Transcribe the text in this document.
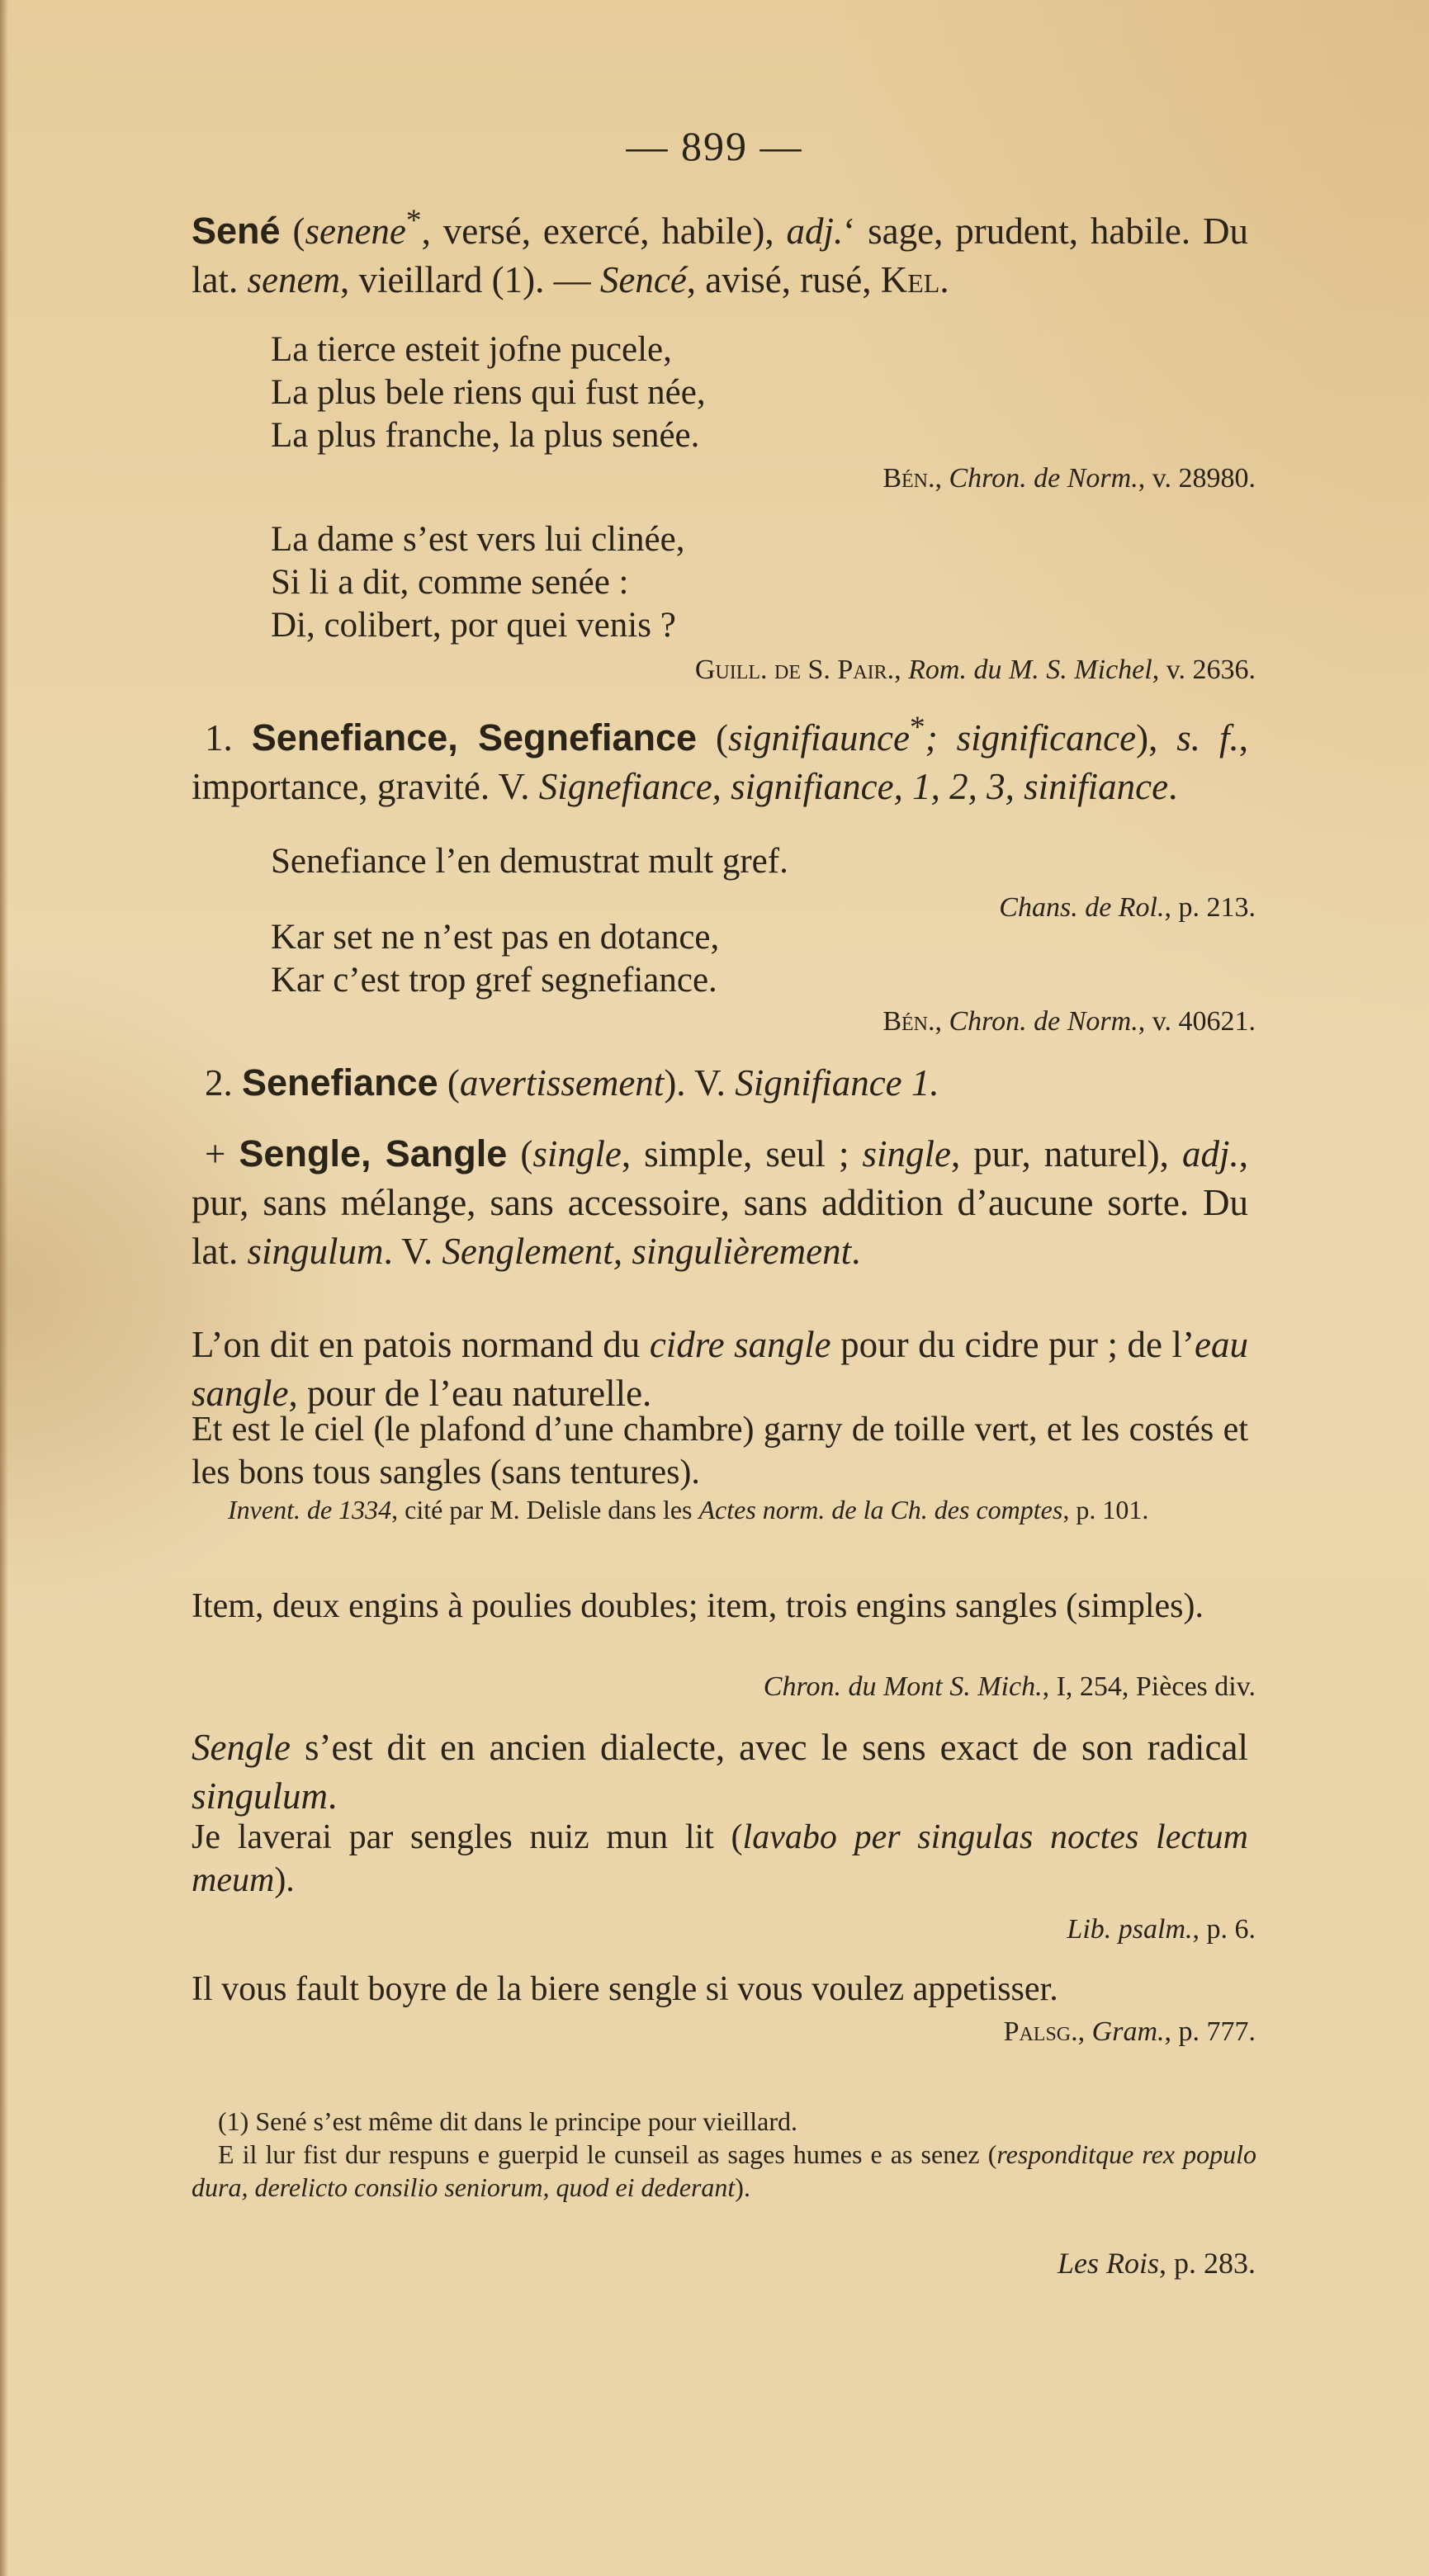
— 899 —

Sené (senene*, versé, exercé, habile), adj.‘ sage, prudent, habile. Du lat. senem, vieillard (1). — Sencé, avisé, rusé, Kel.

La tierce esteit jofne pucele,
La plus bele riens qui fust née,
La plus franche, la plus senée.
Bén., Chron. de Norm., v. 28980.
La dame s’est vers lui clinée,
Si li a dit, comme senée :
Di, colibert, por quei venis ?
Guill. de S. Pair., Rom. du M. S. Michel, v. 2636.

1. Senefiance, Segnefiance (signifiaunce*; significance), s. f., importance, gravité. V. Signefiance, signifiance, 1, 2, 3, sinifiance.

Senefiance l’en demustrat mult gref.
Chans. de Rol., p. 213.
Kar set ne n’est pas en dotance,
Kar c’est trop gref segnefiance.
Bén., Chron. de Norm., v. 40621.

2. Senefiance (avertissement). V. Signifiance 1.

+ Sengle, Sangle (single, simple, seul ; single, pur, naturel), adj., pur, sans mélange, sans accessoire, sans addition d’aucune sorte. Du lat. singulum. V. Senglement, singulièrement.

L’on dit en patois normand du cidre sangle pour du cidre pur ; de l’eau sangle, pour de l’eau naturelle.

Et est le ciel (le plafond d’une chambre) garny de toille vert, et les costés et les bons tous sangles (sans tentures).

Invent. de 1334, cité par M. Delisle dans les Actes norm. de la Ch. des comptes, p. 101.

Item, deux engins à poulies doubles; item, trois engins sangles (simples).

Chron. du Mont S. Mich., I, 254, Pièces div.

Sengle s’est dit en ancien dialecte, avec le sens exact de son radical singulum.

Je laverai par sengles nuiz mun lit (lavabo per singulas noctes lectum meum).

Lib. psalm., p. 6.

Il vous fault boyre de la biere sengle si vous voulez appetisser.

Palsg., Gram., p. 777.
(1) Sené s’est même dit dans le principe pour vieillard.
E il lur fist dur respuns e guerpid le cunseil as sages humes e as senez (responditque rex populo dura, derelicto consilio seniorum, quod ei dederant).
Les Rois, p. 283.
